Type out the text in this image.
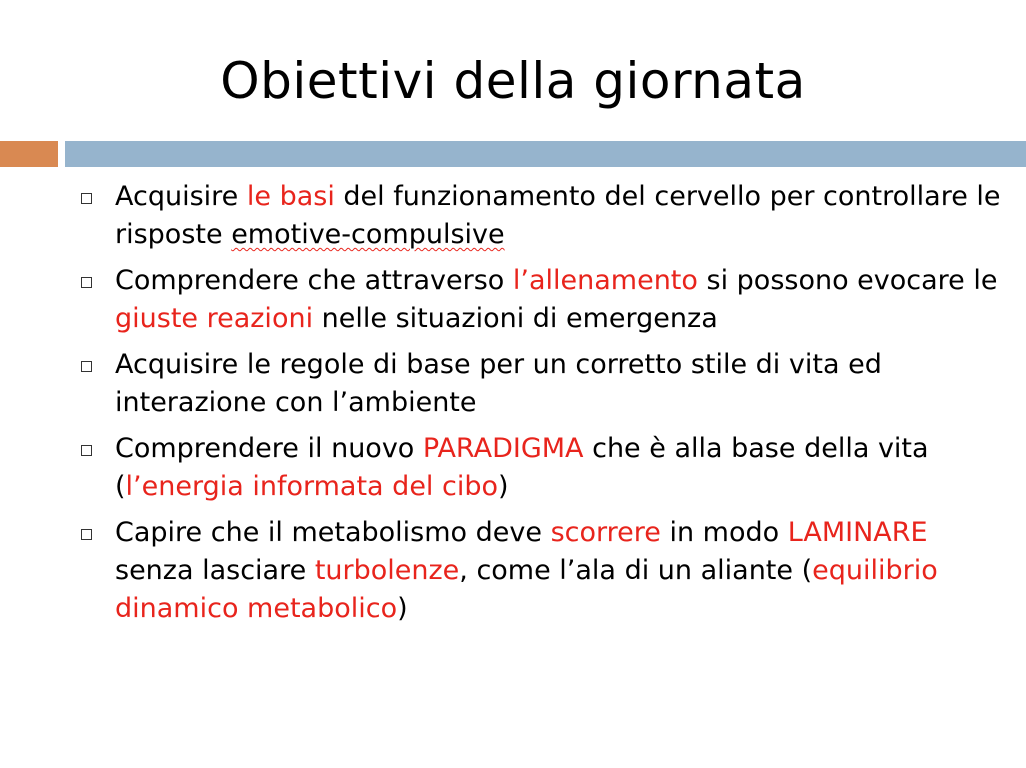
Obiettivi della giornata
Acquisire le basi del funzionamento del cervello per controllare le risposte emotive-compulsive
Comprendere che attraverso l’allenamento si possono evocare le giuste reazioni nelle situazioni di emergenza
Acquisire le regole di base per un corretto stile di vita ed interazione con l’ambiente
Comprendere il nuovo PARADIGMA che è alla base della vita (l’energia informata del cibo)
Capire che il metabolismo deve scorrere in modo LAMINARE senza lasciare turbolenze, come l’ala di un aliante (equilibrio dinamico metabolico)
